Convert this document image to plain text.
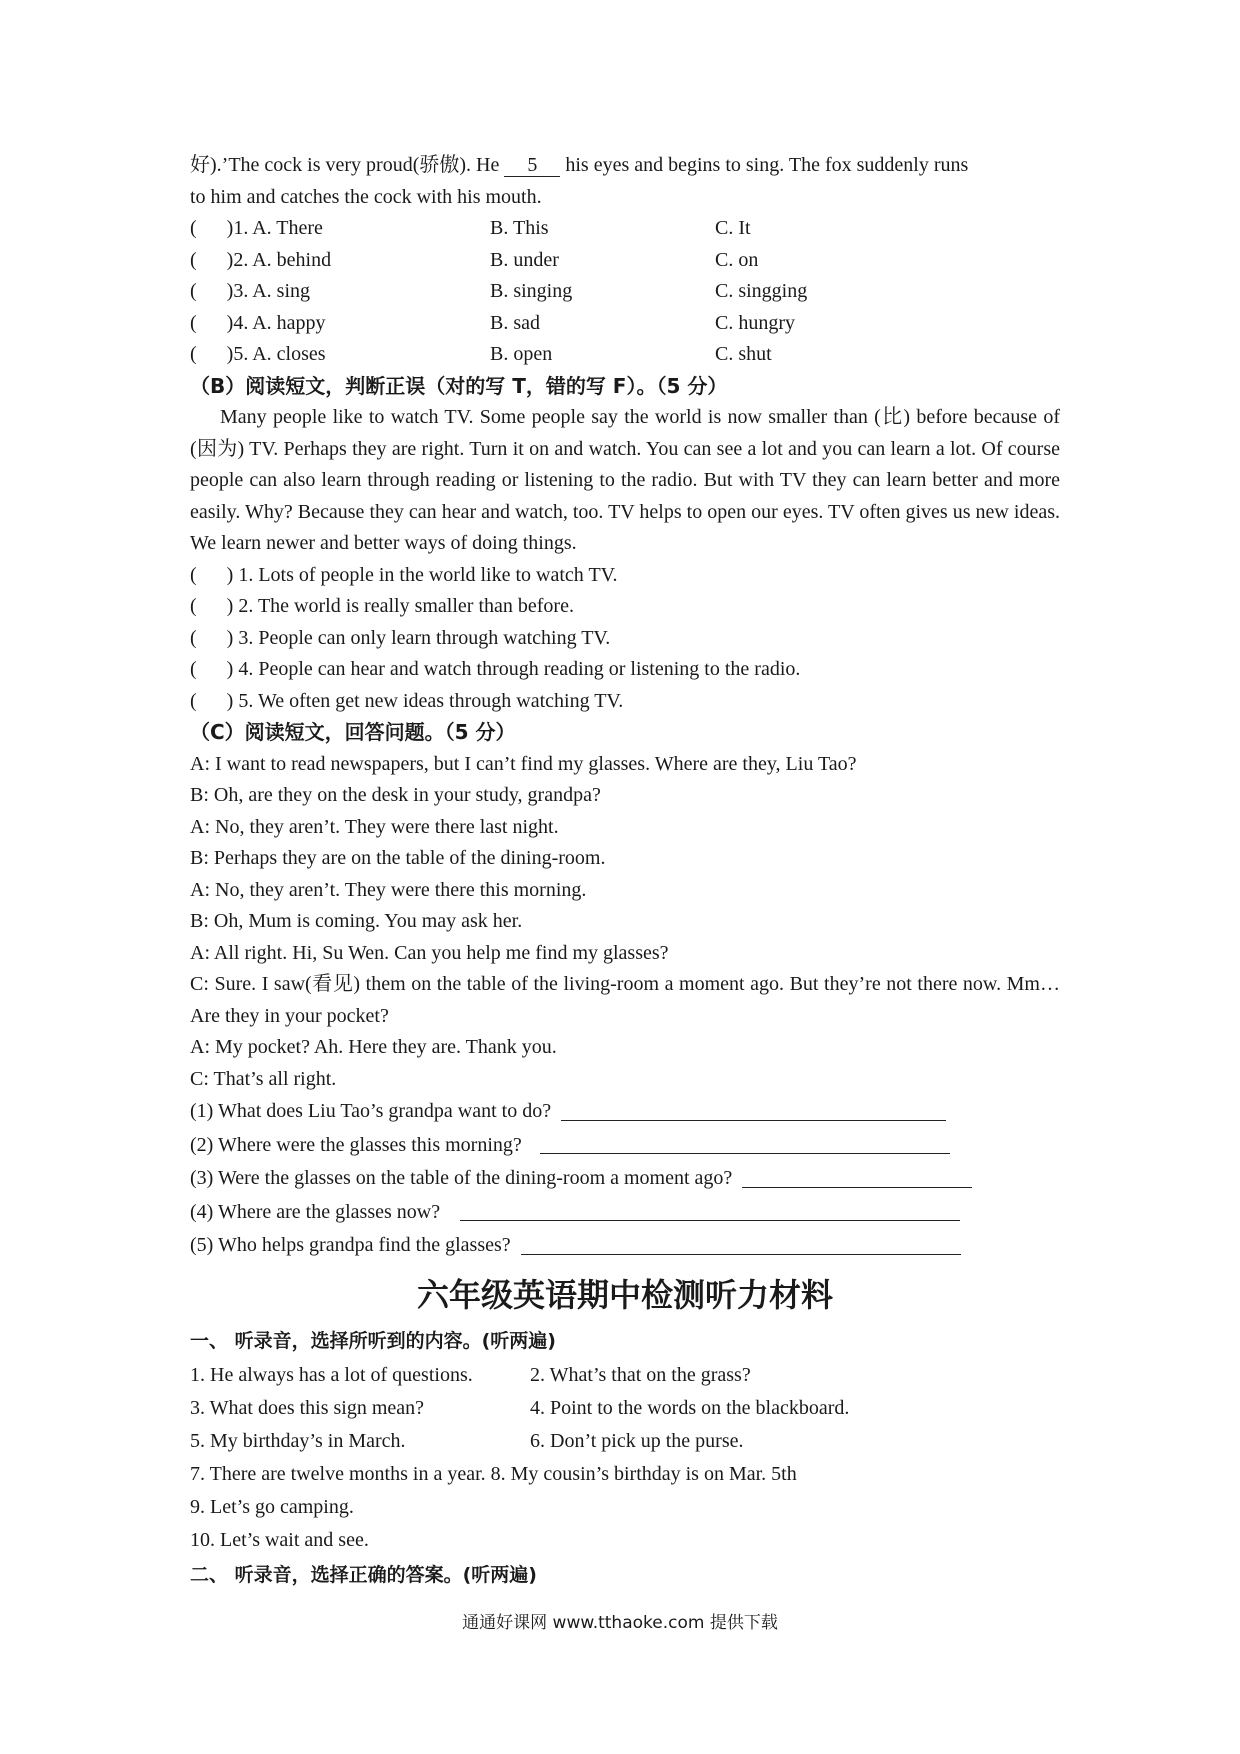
好).’The cock is very proud(骄傲). He 5 his eyes and begins to sing. The fox suddenly runs
to him and catches the cock with his mouth.
(      )1. A. There	B. This	C. It
(      )2. A. behind	B. under	C. on
(      )3. A. sing	B. singing	C. singging
(      )4. A. happy	B. sad	C. hungry
(      )5. A. closes	B. open	C. shut
（B）阅读短文，判断正误（对的写 T，错的写 F）。（5 分）
Many people like to watch TV. Some people say the world is now smaller than (比) before because of (因为) TV. Perhaps they are right. Turn it on and watch. You can see a lot and you can learn a lot. Of course people can also learn through reading or listening to the radio. But with TV they can learn better and more easily. Why? Because they can hear and watch, too. TV helps to open our eyes. TV often gives us new ideas. We learn newer and better ways of doing things.
(      ) 1. Lots of people in the world like to watch TV.
(      ) 2. The world is really smaller than before.
(      ) 3. People can only learn through watching TV.
(      ) 4. People can hear and watch through reading or listening to the radio.
(      ) 5. We often get new ideas through watching TV.
（C）阅读短文，回答问题。（5 分）
A: I want to read newspapers, but I can’t find my glasses. Where are they, Liu Tao?
B: Oh, are they on the desk in your study, grandpa?
A: No, they aren’t. They were there last night.
B: Perhaps they are on the table of the dining-room.
A: No, they aren’t. They were there this morning.
B: Oh, Mum is coming. You may ask her.
A: All right. Hi, Su Wen. Can you help me find my glasses?
C: Sure. I saw(看见) them on the table of the living-room a moment ago. But they’re not there now. Mm…Are they in your pocket?
A: My pocket? Ah. Here they are. Thank you.
C: That’s all right.
(1) What does Liu Tao’s grandpa want to do?
(2) Where were the glasses this morning?
(3) Were the glasses on the table of the dining-room a moment ago?
(4) Where are the glasses now?
(5) Who helps grandpa find the glasses?
六年级英语期中检测听力材料
一、 听录音，选择所听到的内容。(听两遍)
1. He always has a lot of questions.	2. What’s that on the grass?
3. What does this sign mean?	4. Point to the words on the blackboard.
5. My birthday’s in March.	6. Don’t pick up the purse.
7. There are twelve months in a year. 8. My cousin’s birthday is on Mar. 5th
9. Let’s go camping.
10. Let’s wait and see.
二、 听录音，选择正确的答案。(听两遍)
通通好课网 www.tthaoke.com 提供下载
